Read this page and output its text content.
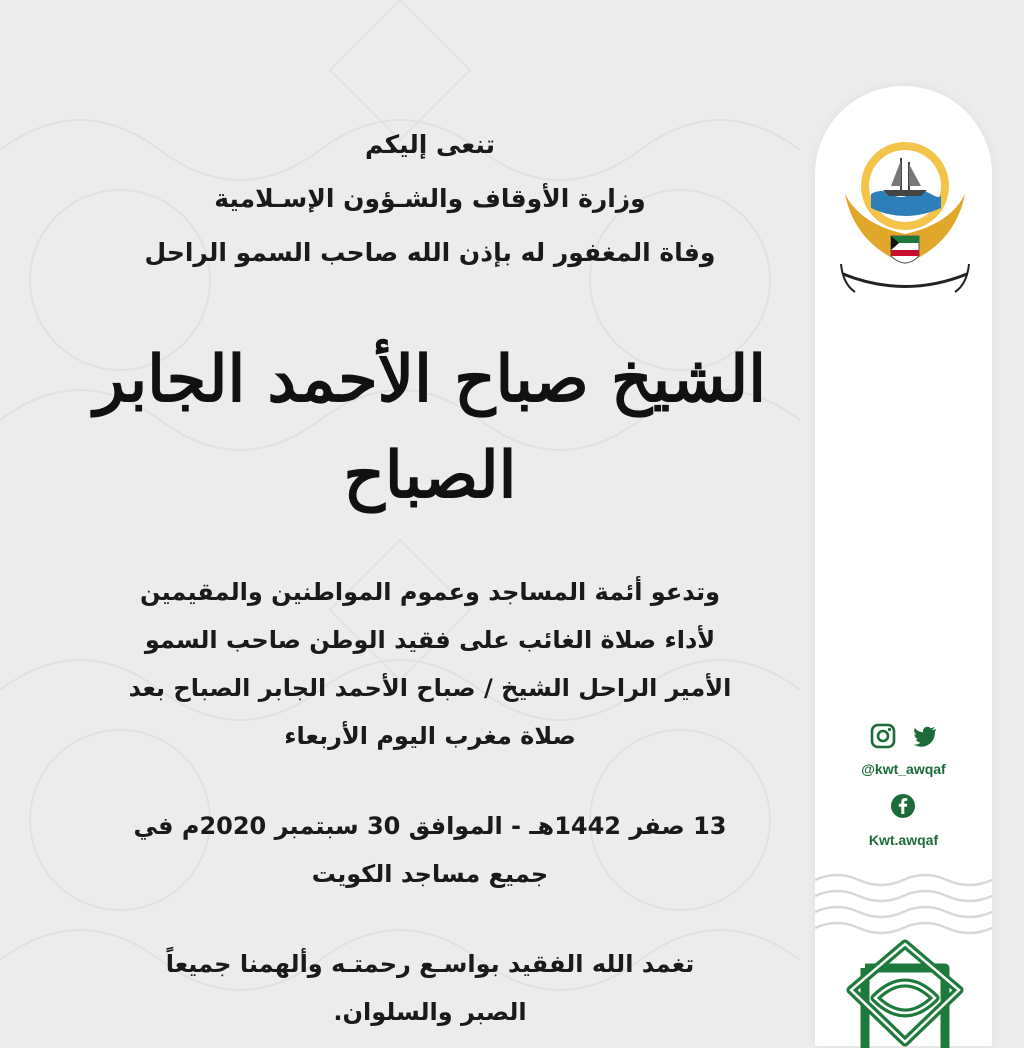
تنعى إليكم

وزارة الأوقاف والشـؤون الإسـلامية

وفاة المغفور له بإذن الله صاحب السمو الراحل

الشيخ صباح الأحمد الجابر الصباح

وتدعو أئمة المساجد وعموم المواطنين والمقيمين

لأداء صلاة الغائب على فقيد الوطن صاحب السمو

الأمير الراحل الشيخ / صباح الأحمد الجابر الصباح بعد

صلاة مغرب اليوم الأربعاء

13 صفر 1442هـ - الموافق 30 سبتمبر 2020م في

جميع مساجد الكويت

تغمد الله الفقيد بواسـع رحمتـه وألهمنا جميعاً

الصبر والسلوان.

@kwt_awqaf
Kwt.awqaf
